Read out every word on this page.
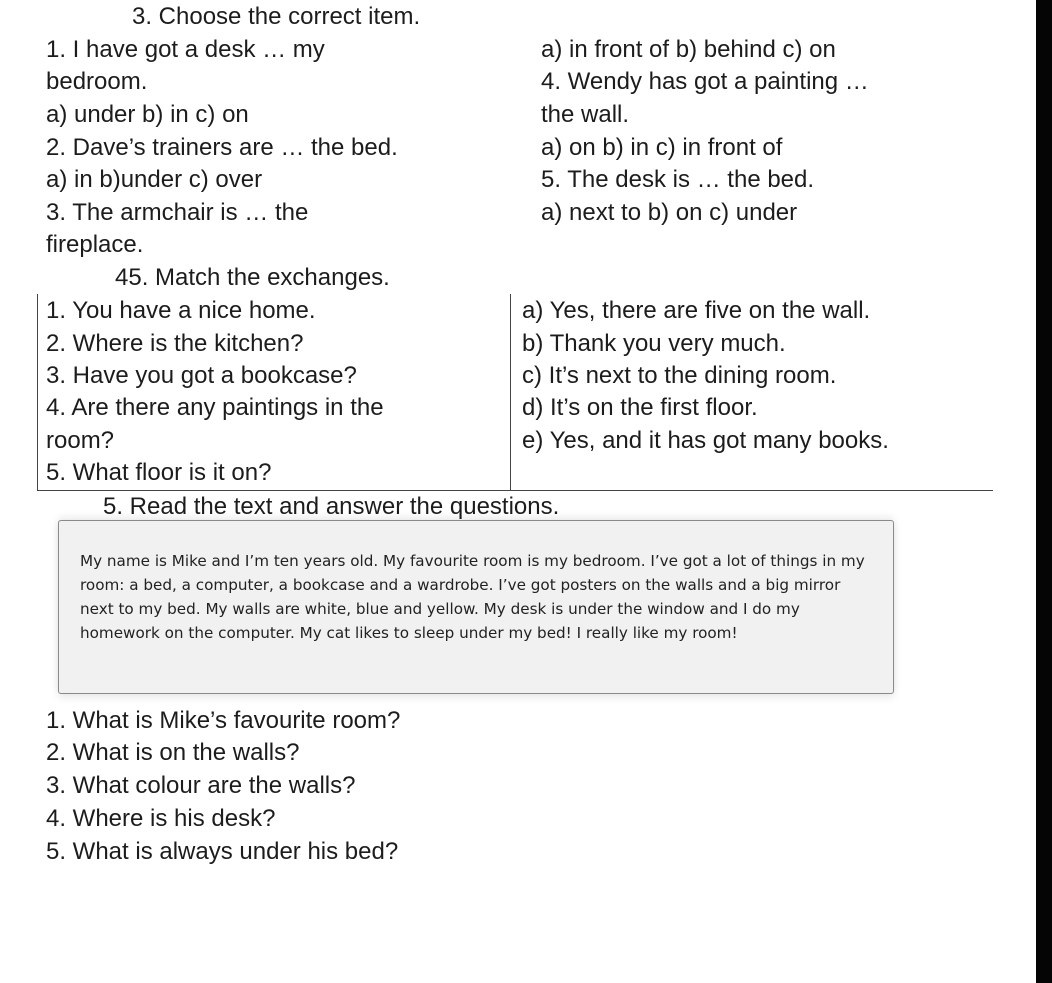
3. Choose the correct item.
1. I have got a desk … my
bedroom.
a) under b) in c) on
2. Dave’s trainers are … the bed.
a) in b)under c) over
3. The armchair is … the
fireplace.
a) in front of b) behind c) on
4. Wendy has got a painting …
the wall.
a) on b) in c) in front of
5. The desk is … the bed.
a) next to b) on c) under
45. Match the exchanges.
1. You have a nice home.
2. Where is the kitchen?
3. Have you got a bookcase?
4. Are there any paintings in the
room?
5. What floor is it on?
a) Yes, there are five on the wall.
b) Thank you very much.
c) It’s next to the dining room.
d) It’s on the first floor.
e) Yes, and it has got many books.
5. Read the text and answer the questions.

My name is Mike and I’m ten years old. My favourite room is my bedroom. I’ve got a lot of things in my room: a bed, a computer, a bookcase and a wardrobe. I’ve got posters on the walls and a big mirror next to my bed. My walls are white, blue and yellow. My desk is under the window and I do my homework on the computer. My cat likes to sleep under my bed! I really like my room!

1. What is Mike’s favourite room?
2. What is on the walls?
3. What colour are the walls?
4. Where is his desk?
5. What is always under his bed?
